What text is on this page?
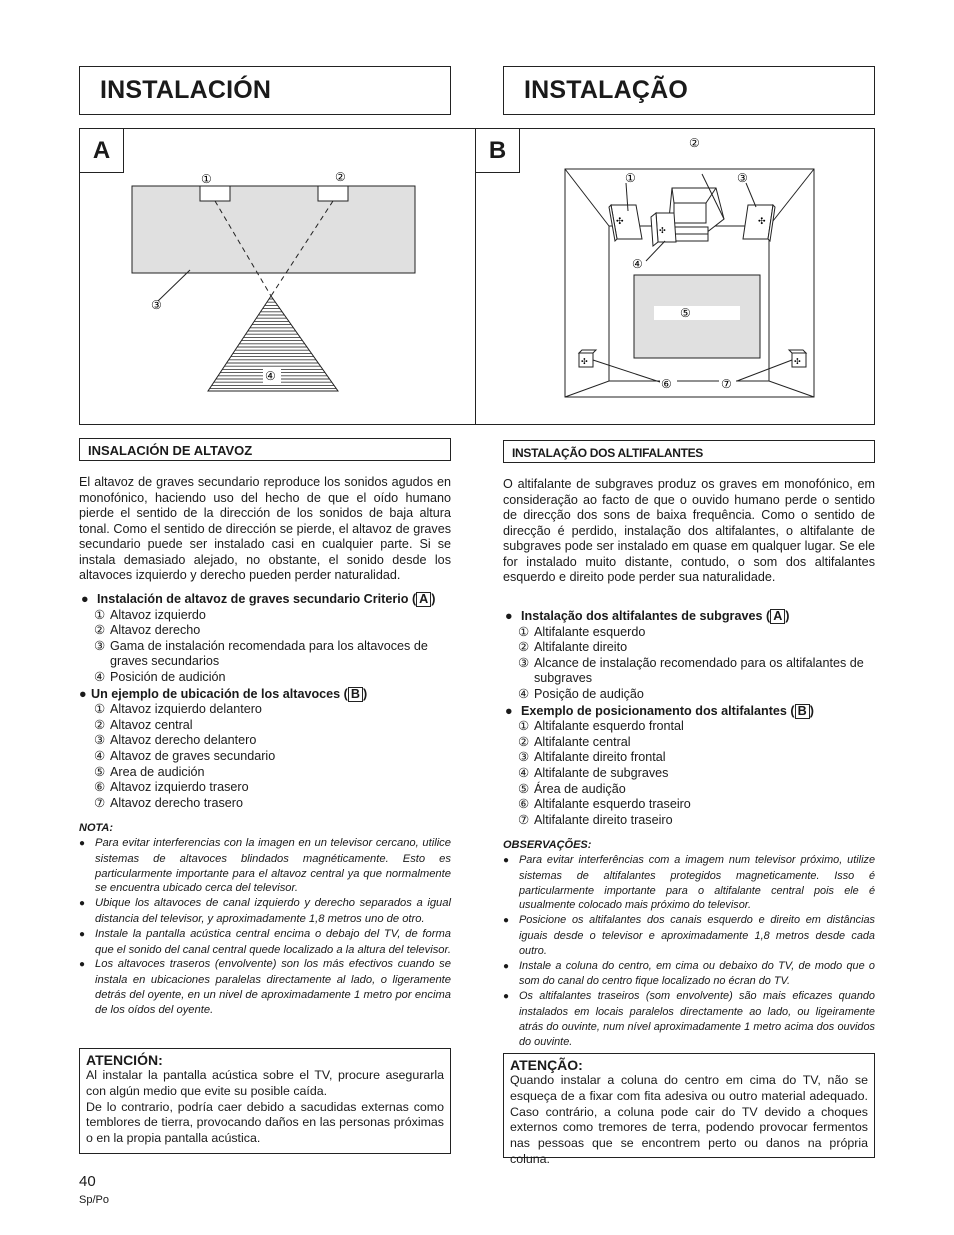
INSTALACIÓN	INSTALAÇÃO
A
①	②
③
④
B
✣	✣
✣
✣	✣
②
①	③
④
⑤
⑥	⑦
INSALACIÓN DE ALTAVOZ
El altavoz de graves secundario reproduce los sonidos agudos en monofónico, haciendo uso del hecho de que el oído humano pierde el sentido de la dirección de los sonidos de baja altura tonal. Como el sentido de dirección se pierde, el altavoz de graves secundario puede ser instalado casi en cualquier parte. Si se instala demasiado alejado, no obstante, el sonido desde los altavoces izquierdo y derecho pueden perder naturalidad.
● Instalación de altavoz de graves secundario Criterio ( A )
① Altavoz izquierdo
② Altavoz derecho
③ Gama de instalación recomendada para los altavoces de graves secundarios
④ Posición de audición
● Un ejemplo de ubicación de los altavoces ( B )
① Altavoz izquierdo delantero
② Altavoz central
③ Altavoz derecho delantero
④ Altavoz de graves secundario
⑤ Area de audición
⑥ Altavoz izquierdo trasero
⑦ Altavoz derecho trasero
NOTA:
● Para evitar interferencias con la imagen en un televisor cercano, utilice sistemas de altavoces blindados magnéticamente. Esto es particularmente importante para el altavoz central ya que normalmente se encuentra ubicado cerca del televisor.
● Ubique los altavoces de canal izquierdo y derecho separados a igual distancia del televisor, y aproximadamente 1,8 metros uno de otro.
● Instale la pantalla acústica central encima o debajo del TV, de forma que el sonido del canal central quede localizado a la altura del televisor.
● Los altavoces traseros (envolvente) son los más efectivos cuando se instala en ubicaciones paralelas directamente al lado, o ligeramente detrás del oyente, en un nivel de aproximadamente 1 metro por encima de los oídos del oyente.
ATENCIÓN:

Al instalar la pantalla acústica sobre el TV, procure asegurarla con algún medio que evite su posible caída.
De lo contrario, podría caer debido a sacudidas externas como temblores de tierra, provocando daños en las personas próximas o en la propia pantalla acústica.

INSTALAÇÃO DOS ALTIFALANTES
O altifalante de subgraves produz os graves em monofónico, em consideração ao facto de que o ouvido humano perde o sentido de direcção dos sons de baixa frequência. Como o sentido de direcção é perdido, instalação dos altifalantes, o altifalante de subgraves pode ser instalado em quase em qualquer lugar. Se ele for instalado muito distante, contudo, o som dos altifalantes esquerdo e direito pode perder sua naturalidade.
● Instalação dos altifalantes de subgraves ( A )
① Altifalante esquerdo
② Altifalante direito
③ Alcance de instalação recomendado para os altifalantes de subgraves
④ Posição de audição
● Exemplo de posicionamento dos altifalantes ( B )
① Altifalante esquerdo frontal
② Altifalante central
③ Altifalante direito frontal
④ Altifalante de subgraves
⑤ Área de audição
⑥ Altifalante esquerdo traseiro
⑦ Altifalante direito traseiro
OBSERVAÇÕES:
● Para evitar interferências com a imagem num televisor próximo, utilize sistemas de altifalantes protegidos magneticamente. Isso é particularmente importante para o altifalante central pois ele é usualmente colocado mais próximo do televisor.
● Posicione os altifalantes dos canais esquerdo e direito em distâncias iguais desde o televisor e aproximadamente 1,8 metros desde cada outro.
● Instale a coluna do centro, em cima ou debaixo do TV, de modo que o som do canal do centro fique localizado no écran do TV.
● Os altifalantes traseiros (som envolvente) são mais eficazes quando instalados em locais paralelos directamente ao lado, ou ligeiramente atrás do ouvinte, num nível aproximadamente 1 metro acima dos ouvidos do ouvinte.
ATENÇÃO:

Quando instalar a coluna do centro em cima do TV, não se esqueça de a fixar com fita adesiva ou outro material adequado. Caso contrário, a coluna pode cair do TV devido a choques externos como tremores de terra, podendo provocar fermentos nas pessoas que se encontrem perto ou danos na própria coluna.

40
Sp/Po
